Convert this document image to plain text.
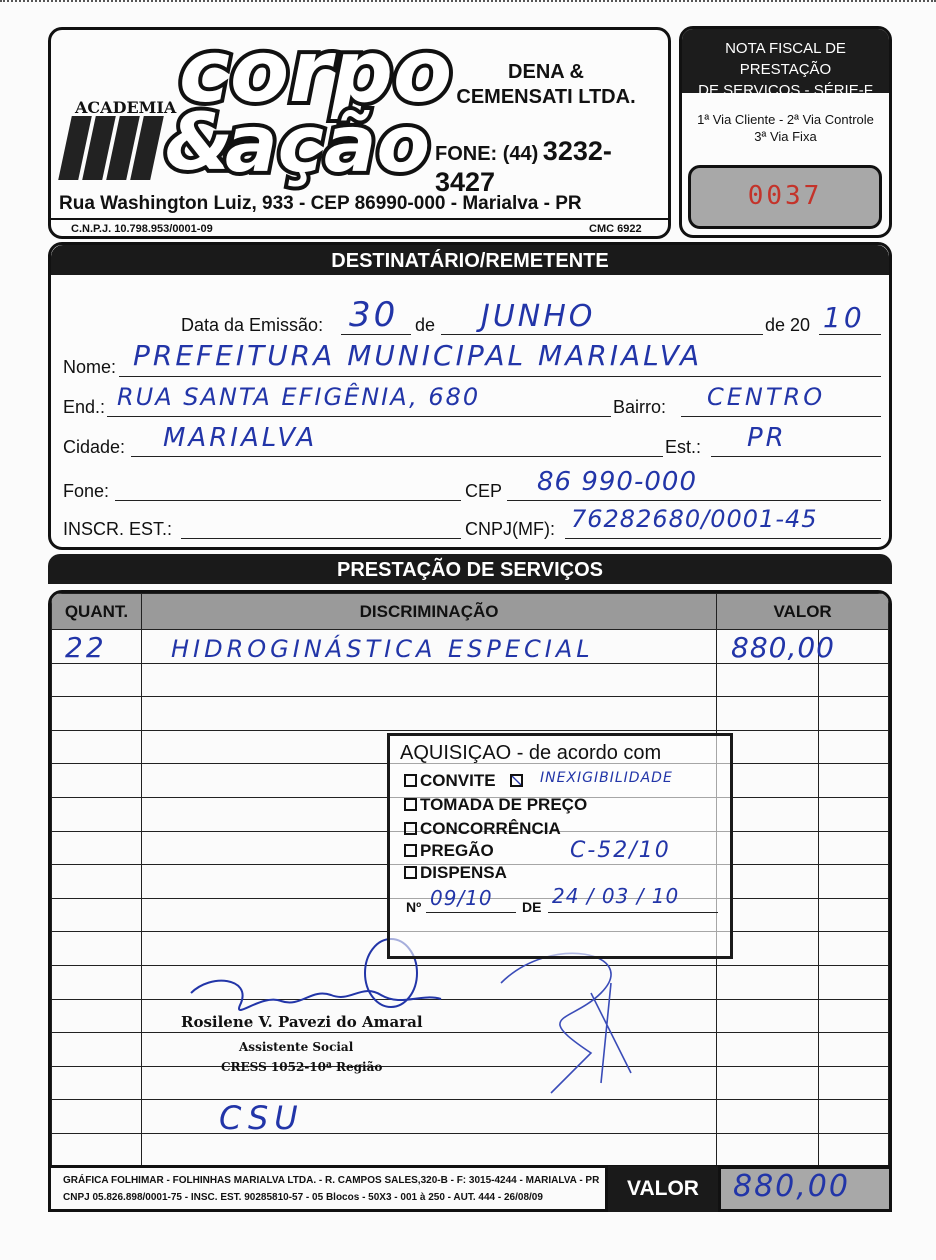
ACADEMIA corpo
&
ação
DENA &
CEMENSATI LTDA.
FONE: (44) 3232-3427
Rua Washington Luiz, 933 - CEP 86990-000 - Marialva - PR
C.N.P.J. 10.798.953/0001-09	CMC 6922
NOTA FISCAL DE PRESTAÇÃO
DE SERVIÇOS - SÉRIE-F
1ª Via Cliente - 2ª Via Controle
3ª Via Fixa
0037
DESTINATÁRIO/REMETENTE
Data da Emissão: 30 de JUNHO	de 20 10
Nome: PREFEITURA MUNICIPAL MARIALVA
End.: RUA SANTA EFIGÊNIA, 680	Bairro: CENTRO
Cidade: MARIALVA	Est.: PR
Fone:	CEP 86 990-000
INSCR. EST.:	CNPJ(MF): 76282680/0001-45
PRESTAÇÃO DE SERVIÇOS
QUANT.	DISCRIMINAÇÃO	VALOR	

22	HIDROGINÁSTICA ESPECIAL	880,00
CSU
Rosilene V. Pavezi do Amaral
Assistente Social
CRESS 1052-10ª Região
AQUISIÇAO - de acordo com
CONVITE	INEXIGIBILIDADE
TOMADA DE PREÇO
CONCORRÊNCIA
PREGÃO	C-52/10
DISPENSA
Nº 09/10 DE 24 / 03 / 10
GRÁFICA FOLHIMAR - FOLHINHAS MARIALVA LTDA. - R. CAMPOS SALES,320-B - F: 3015-4244 - MARIALVA - PR
CNPJ 05.826.898/0001-75 - INSC. EST. 90285810-57 - 05 Blocos - 50X3 - 001 à 250 - AUT. 444 - 26/08/09	VALOR	880,00
